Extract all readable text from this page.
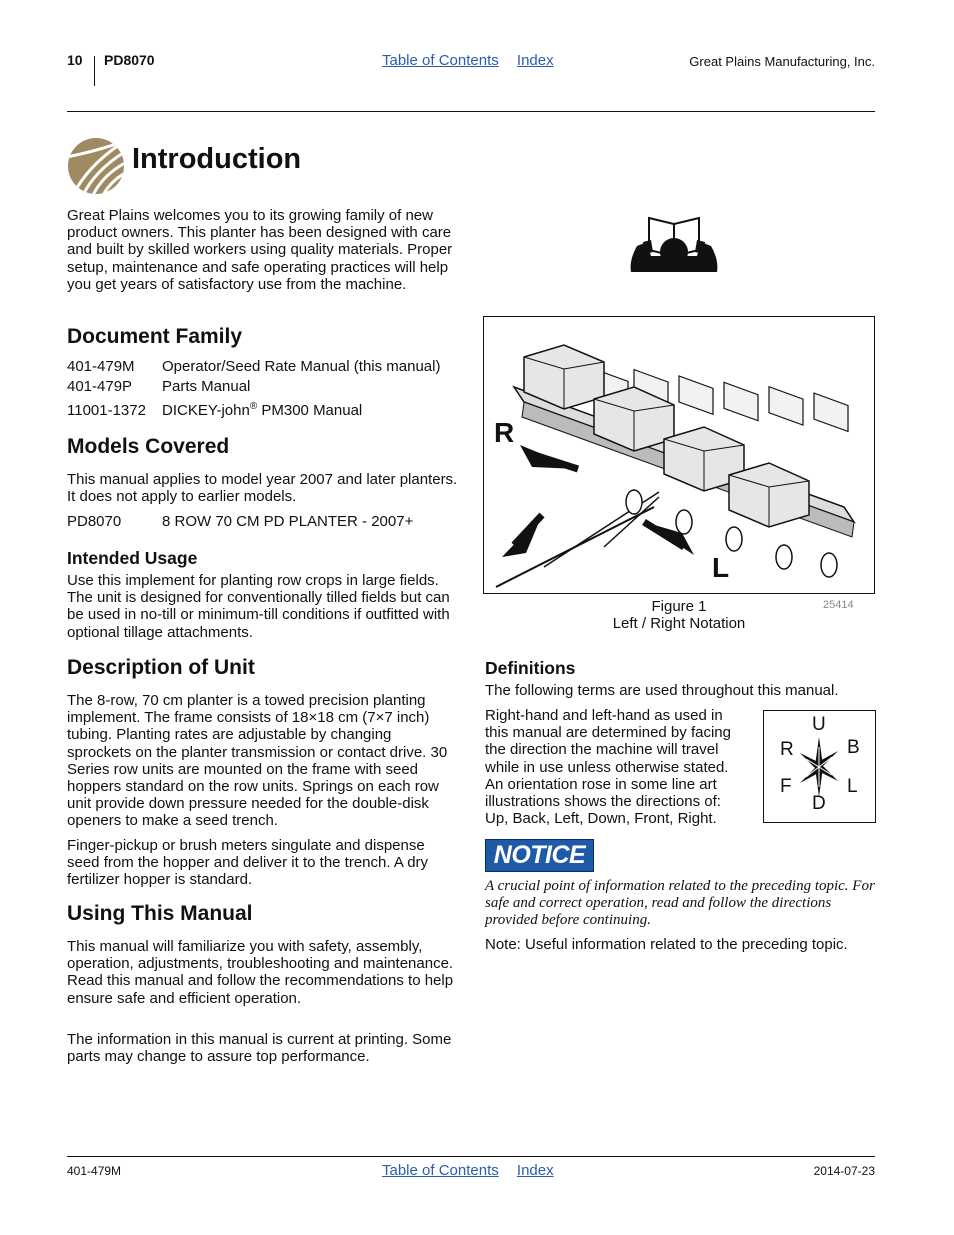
10 PD8070	Table of Contents Index	Great Plains Manufacturing, Inc.
Introduction
Great Plains welcomes you to its growing family of new product owners. This planter has been designed with care and built by skilled workers using quality materials. Proper setup, maintenance and safe operating practices will help you get years of satisfactory use from the machine.
Document Family
401-479M Operator/Seed Rate Manual (this manual)
401-479P Parts Manual
11001-1372 DICKEY-john® PM300 Manual
Models Covered
This manual applies to model year 2007 and later planters. It does not apply to earlier models.
PD8070	8 ROW 70 CM PD PLANTER - 2007+
Intended Usage
Use this implement for planting row crops in large fields. The unit is designed for conventionally tilled fields but can be used in no-till or minimum-till conditions if outfitted with optional tillage attachments.
Description of Unit
The 8-row, 70 cm planter is a towed precision planting implement. The frame consists of 18×18 cm (7×7 inch) tubing. Planting rates are adjustable by changing sprockets on the planter transmission or contact drive. 30 Series row units are mounted on the frame with seed hoppers standard on the row units. Springs on each row unit provide down pressure needed for the double-disk openers to make a seed trench.
Finger-pickup or brush meters singulate and dispense seed from the hopper and deliver it to the trench. A dry fertilizer hopper is standard.
Using This Manual
This manual will familiarize you with safety, assembly, operation, adjustments, troubleshooting and maintenance. Read this manual and follow the recommendations to help ensure safe and efficient operation.
The information in this manual is current at printing. Some parts may change to assure top performance.
R
L
Figure 1
Left / Right Notation
25414
Definitions
The following terms are used throughout this manual.
Right-hand and left-hand as used in this manual are determined by facing the direction the machine will travel while in use unless otherwise stated. An orientation rose in some line art illustrations shows the directions of: Up, Back, Left, Down, Front, Right.
U
D
R	B
F	L
NOTICE
A crucial point of information related to the preceding topic. For safe and correct operation, read and follow the directions provided before continuing.
Note: Useful information related to the preceding topic.
401-479M	Table of Contents Index	2014-07-23
